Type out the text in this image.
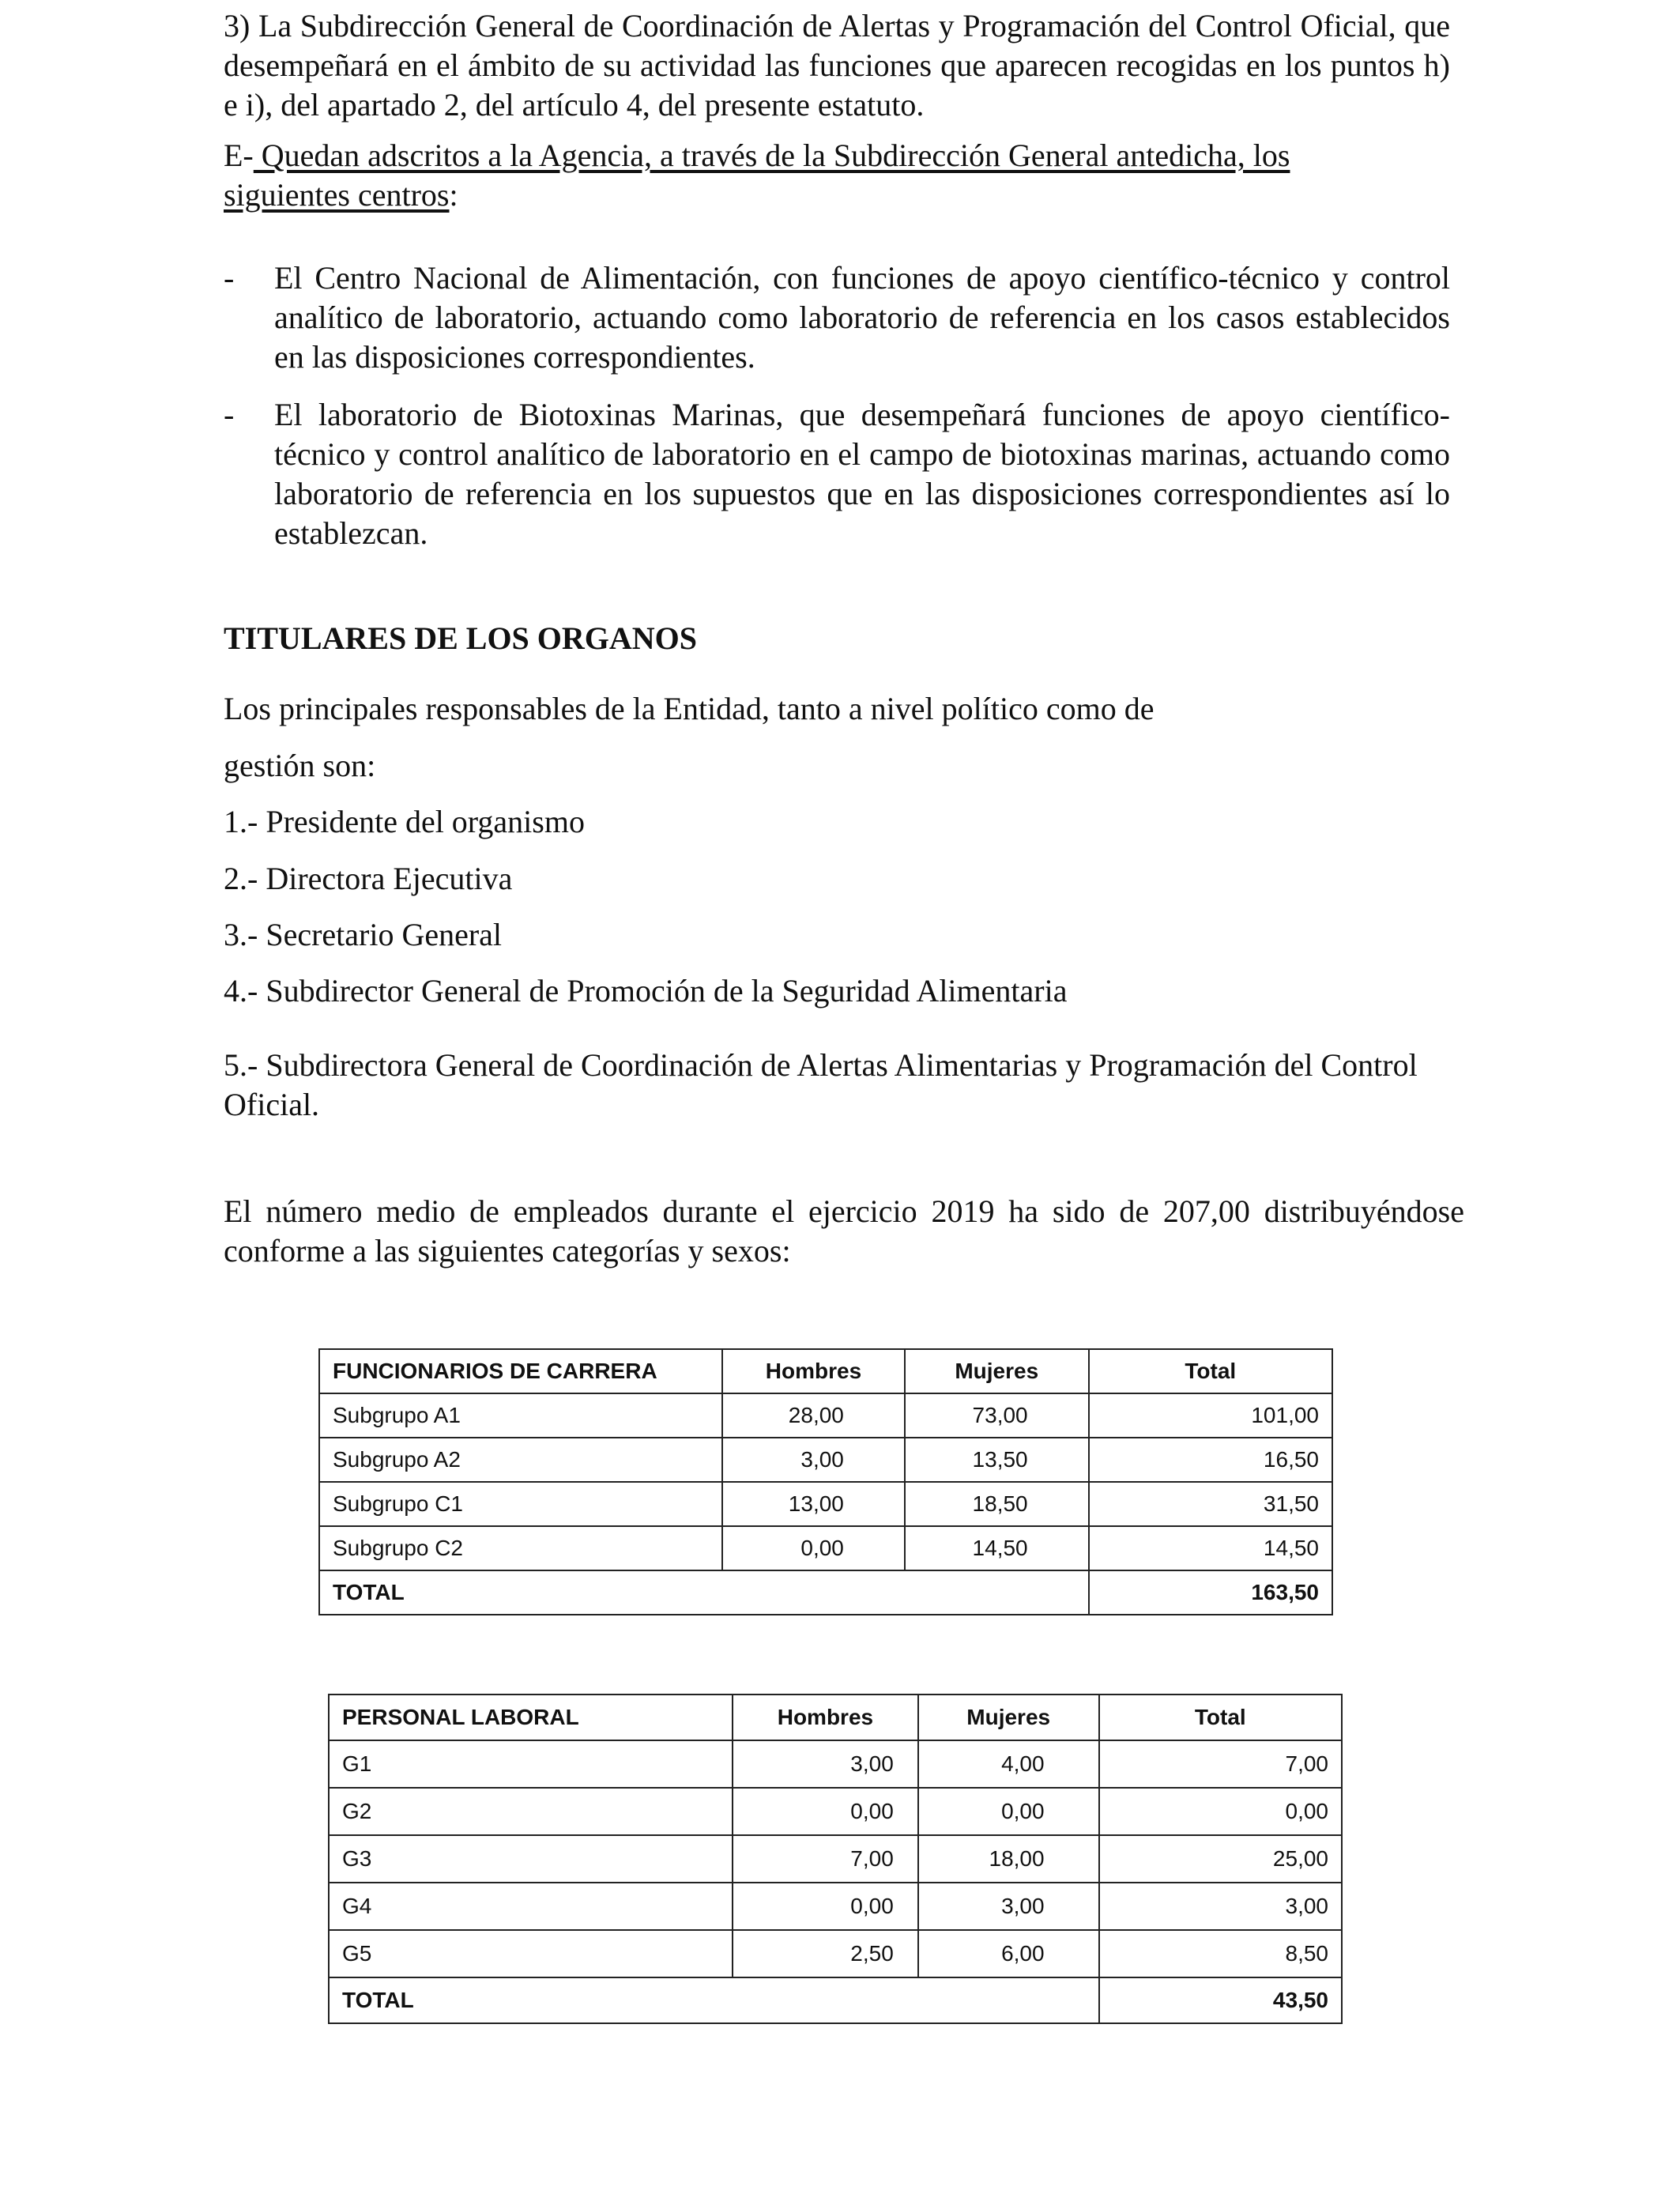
3) La Subdirección General de Coordinación de Alertas y Programación del Control Oficial, que desempeñará en el ámbito de su actividad las funciones que aparecen recogidas en los puntos h) e i), del apartado 2, del artículo 4, del presente estatuto.
E- Quedan adscritos a la Agencia, a través de la Subdirección General antedicha, los siguientes centros:
-	El Centro Nacional de Alimentación, con funciones de apoyo científico-técnico y control analítico de laboratorio, actuando como laboratorio de referencia en los casos establecidos en las disposiciones correspondientes.
-	El laboratorio de Biotoxinas Marinas, que desempeñará funciones de apoyo científico-técnico y control analítico de laboratorio en el campo de biotoxinas marinas, actuando como laboratorio de referencia en los supuestos que en las disposiciones correspondientes así lo establezcan.
TITULARES DE LOS ORGANOS
Los principales responsables de la Entidad, tanto a nivel político como de
gestión son:
1.- Presidente del organismo
2.- Directora Ejecutiva
3.- Secretario General
4.- Subdirector General de Promoción de la Seguridad Alimentaria
5.- Subdirectora General de Coordinación de Alertas Alimentarias y Programación del Control Oficial.
El número medio de empleados durante el ejercicio 2019 ha sido de 207,00 distribuyéndose conforme a las siguientes categorías y sexos:
FUNCIONARIOS DE CARRERA	Hombres	Mujeres	Total
Subgrupo A1	28,00	73,00	101,00
Subgrupo A2	3,00	13,50	16,50
Subgrupo C1	13,00	18,50	31,50
Subgrupo C2	0,00	14,50	14,50
TOTAL			163,50
PERSONAL LABORAL	Hombres	Mujeres	Total
G1	3,00	4,00	7,00
G2	0,00	0,00	0,00
G3	7,00	18,00	25,00
G4	0,00	3,00	3,00
G5	2,50	6,00	8,50
TOTAL			43,50
